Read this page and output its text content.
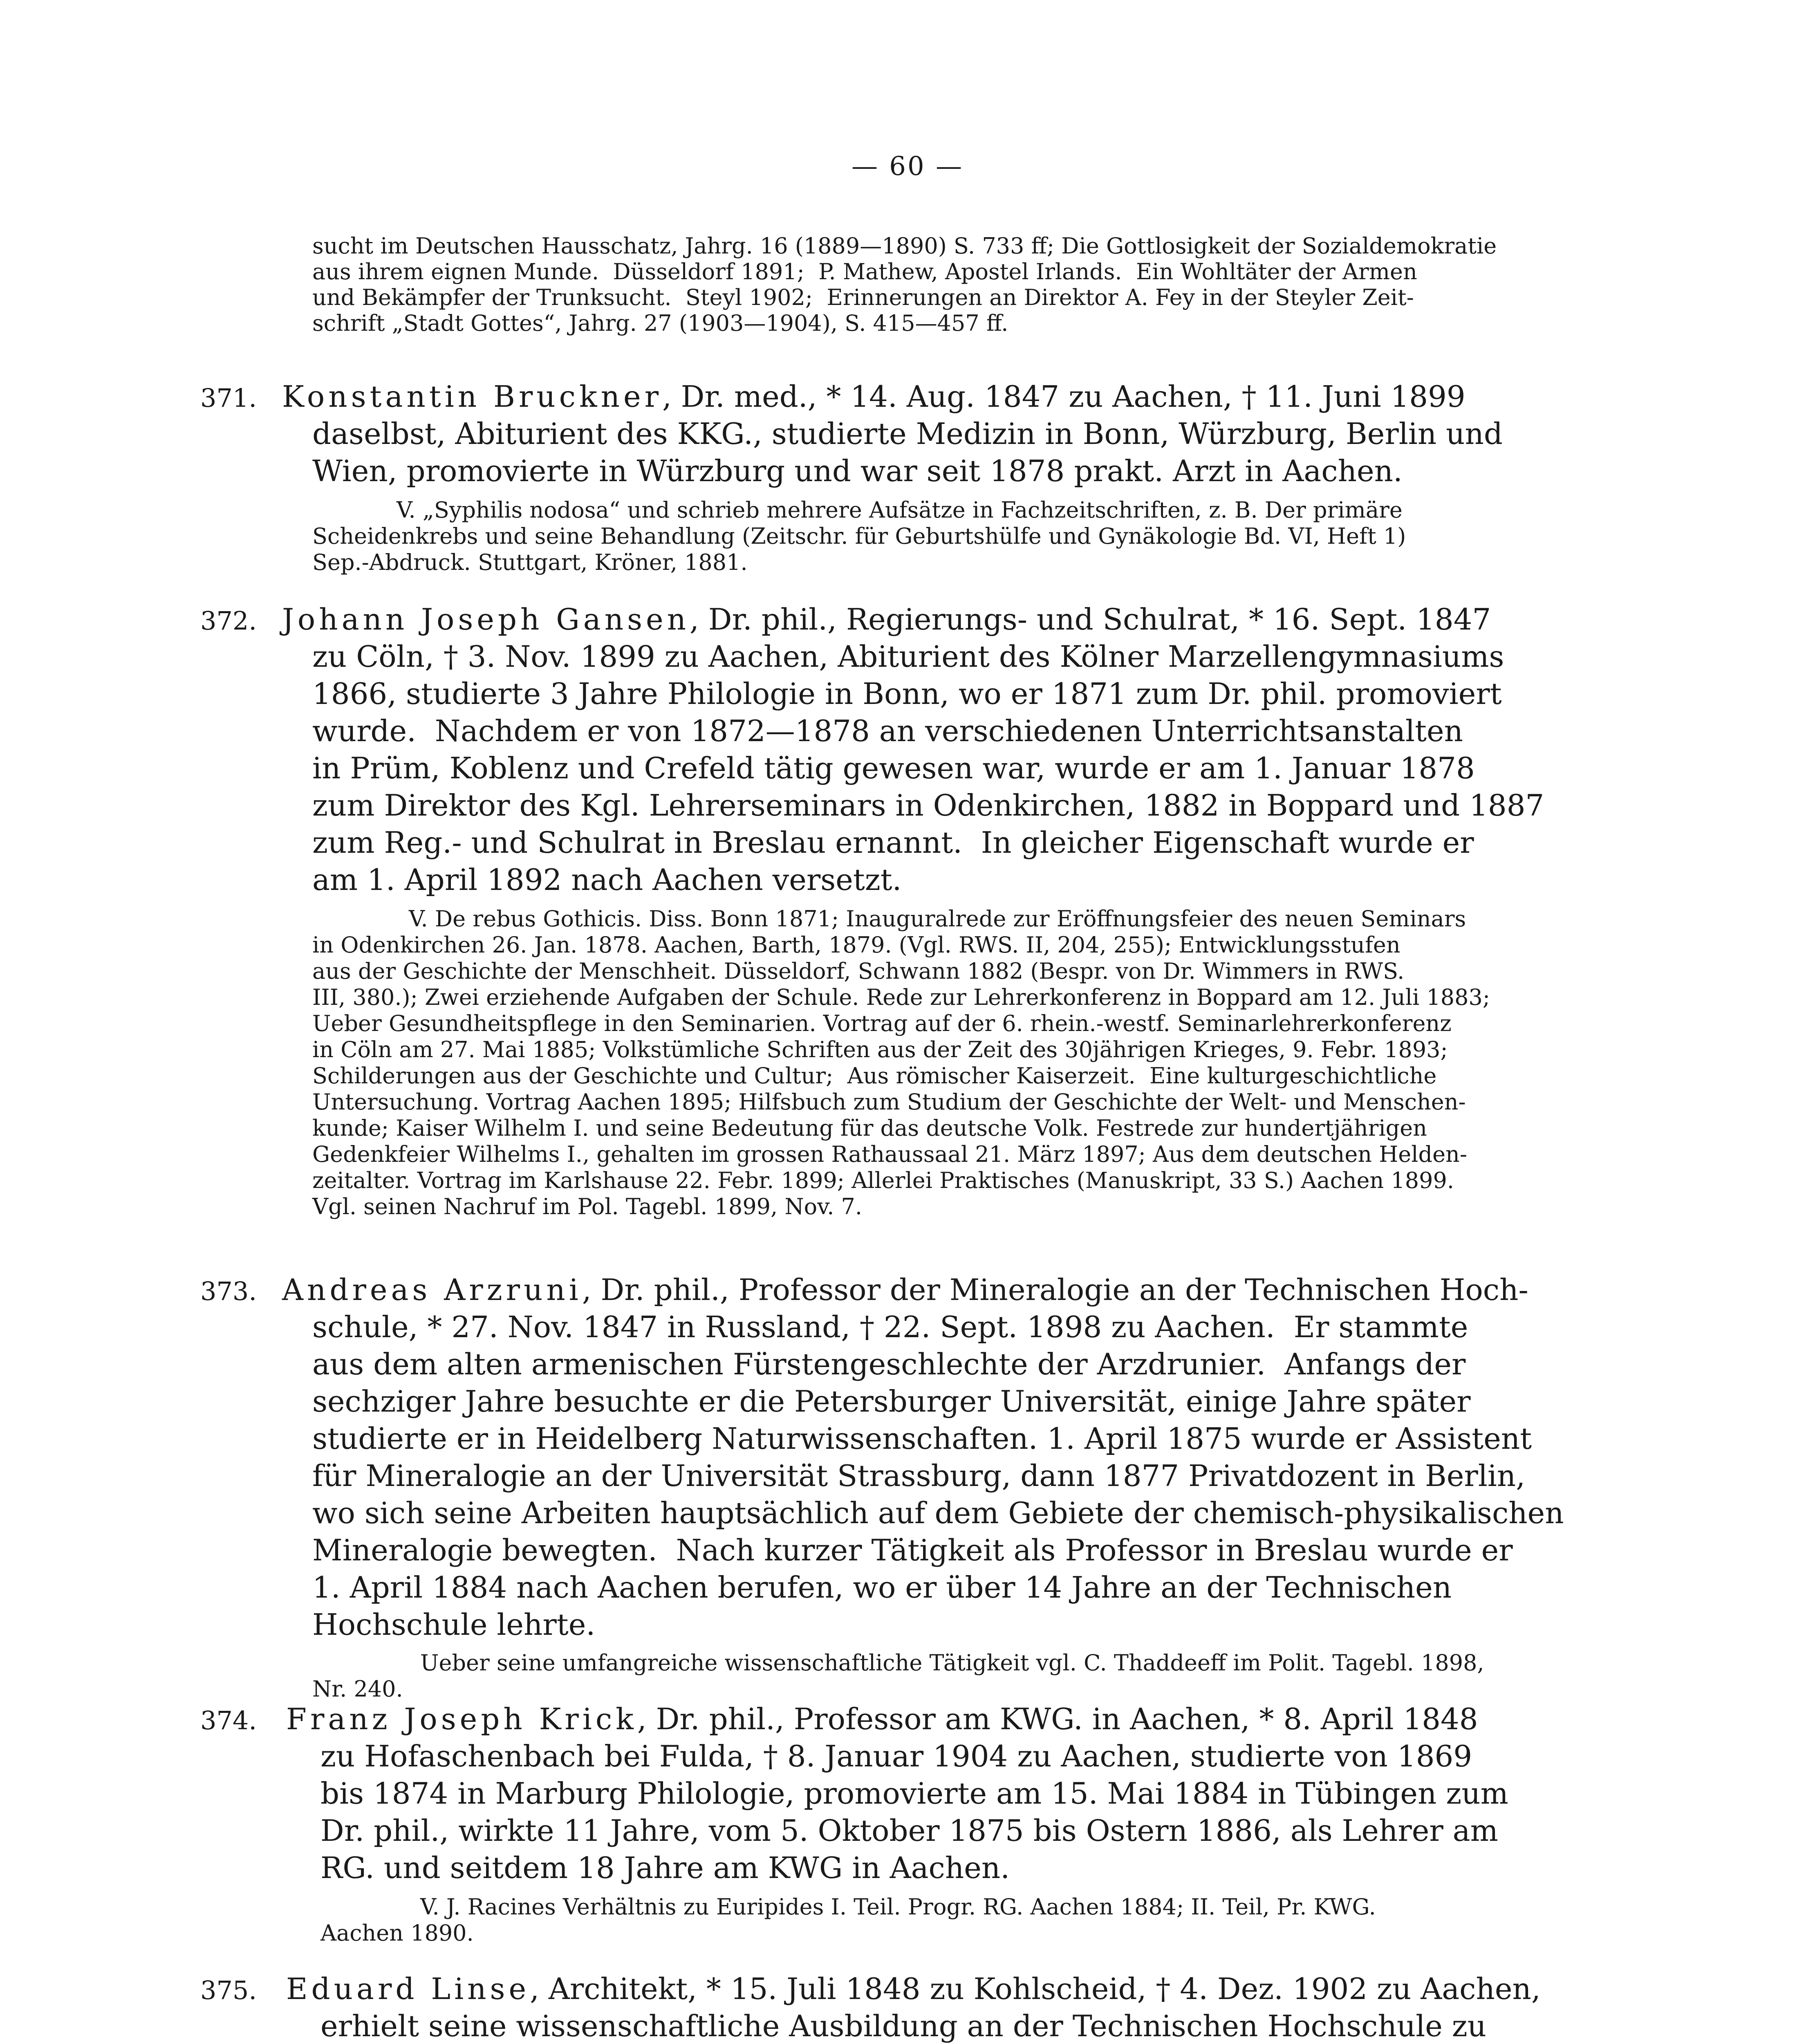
— 60 —
sucht im Deutschen Hausschatz, Jahrg. 16 (1889—1890) S. 733 ff; Die Gottlosigkeit der Sozialdemokratie
aus ihrem eignen Munde.  Düsseldorf 1891;  P. Mathew, Apostel Irlands.  Ein Wohltäter der Armen
und Bekämpfer der Trunksucht.  Steyl 1902;  Erinnerungen an Direktor A. Fey in der Steyler Zeit-
schrift „Stadt Gottes“, Jahrg. 27 (1903—1904), S. 415—457 ff.
371. Konstantin Bruckner, Dr. med., * 14. Aug. 1847 zu Aachen, † 11. Juni 1899
daselbst, Abiturient des KKG., studierte Medizin in Bonn, Würzburg, Berlin und
Wien, promovierte in Würzburg und war seit 1878 prakt. Arzt in Aachen.
V. „Syphilis nodosa“ und schrieb mehrere Aufsätze in Fachzeitschriften, z. B. Der primäre
Scheidenkrebs und seine Behandlung (Zeitschr. für Geburtshülfe und Gynäkologie Bd. VI, Heft 1)
Sep.-Abdruck. Stuttgart, Kröner, 1881.
372. Johann Joseph Gansen, Dr. phil., Regierungs- und Schulrat, * 16. Sept. 1847
zu Cöln, † 3. Nov. 1899 zu Aachen, Abiturient des Kölner Marzellengymnasiums
1866, studierte 3 Jahre Philologie in Bonn, wo er 1871 zum Dr. phil. promoviert
wurde.  Nachdem er von 1872—1878 an verschiedenen Unterrichtsanstalten
in Prüm, Koblenz und Crefeld tätig gewesen war, wurde er am 1. Januar 1878
zum Direktor des Kgl. Lehrerseminars in Odenkirchen, 1882 in Boppard und 1887
zum Reg.- und Schulrat in Breslau ernannt.  In gleicher Eigenschaft wurde er
am 1. April 1892 nach Aachen versetzt.
V. De rebus Gothicis. Diss. Bonn 1871; Inauguralrede zur Eröffnungsfeier des neuen Seminars
in Odenkirchen 26. Jan. 1878. Aachen, Barth, 1879. (Vgl. RWS. II, 204, 255); Entwicklungsstufen
aus der Geschichte der Menschheit. Düsseldorf, Schwann 1882 (Bespr. von Dr. Wimmers in RWS.
III, 380.); Zwei erziehende Aufgaben der Schule. Rede zur Lehrerkonferenz in Boppard am 12. Juli 1883;
Ueber Gesundheitspflege in den Seminarien. Vortrag auf der 6. rhein.-westf. Seminarlehrerkonferenz
in Cöln am 27. Mai 1885; Volkstümliche Schriften aus der Zeit des 30jährigen Krieges, 9. Febr. 1893;
Schilderungen aus der Geschichte und Cultur;  Aus römischer Kaiserzeit.  Eine kulturgeschichtliche
Untersuchung. Vortrag Aachen 1895; Hilfsbuch zum Studium der Geschichte der Welt- und Menschen-
kunde; Kaiser Wilhelm I. und seine Bedeutung für das deutsche Volk. Festrede zur hundertjährigen
Gedenkfeier Wilhelms I., gehalten im grossen Rathaussaal 21. März 1897; Aus dem deutschen Helden-
zeitalter. Vortrag im Karlshause 22. Febr. 1899; Allerlei Praktisches (Manuskript, 33 S.) Aachen 1899.
Vgl. seinen Nachruf im Pol. Tagebl. 1899, Nov. 7.
373. Andreas Arzruni, Dr. phil., Professor der Mineralogie an der Technischen Hoch-
schule, * 27. Nov. 1847 in Russland, † 22. Sept. 1898 zu Aachen.  Er stammte
aus dem alten armenischen Fürstengeschlechte der Arzdrunier.  Anfangs der
sechziger Jahre besuchte er die Petersburger Universität, einige Jahre später
studierte er in Heidelberg Naturwissenschaften. 1. April 1875 wurde er Assistent
für Mineralogie an der Universität Strassburg, dann 1877 Privatdozent in Berlin,
wo sich seine Arbeiten hauptsächlich auf dem Gebiete der chemisch-physikalischen
Mineralogie bewegten.  Nach kurzer Tätigkeit als Professor in Breslau wurde er
1. April 1884 nach Aachen berufen, wo er über 14 Jahre an der Technischen
Hochschule lehrte.
Ueber seine umfangreiche wissenschaftliche Tätigkeit vgl. C. Thaddeeff im Polit. Tagebl. 1898,
Nr. 240.
374. Franz Joseph Krick, Dr. phil., Professor am KWG. in Aachen, * 8. April 1848
zu Hofaschenbach bei Fulda, † 8. Januar 1904 zu Aachen, studierte von 1869
bis 1874 in Marburg Philologie, promovierte am 15. Mai 1884 in Tübingen zum
Dr. phil., wirkte 11 Jahre, vom 5. Oktober 1875 bis Ostern 1886, als Lehrer am
RG. und seitdem 18 Jahre am KWG in Aachen.
V. J. Racines Verhältnis zu Euripides I. Teil. Progr. RG. Aachen 1884; II. Teil, Pr. KWG.
Aachen 1890.
375. Eduard Linse, Architekt, * 15. Juli 1848 zu Kohlscheid, † 4. Dez. 1902 zu Aachen,
erhielt seine wissenschaftliche Ausbildung an der Technischen Hochschule zu
